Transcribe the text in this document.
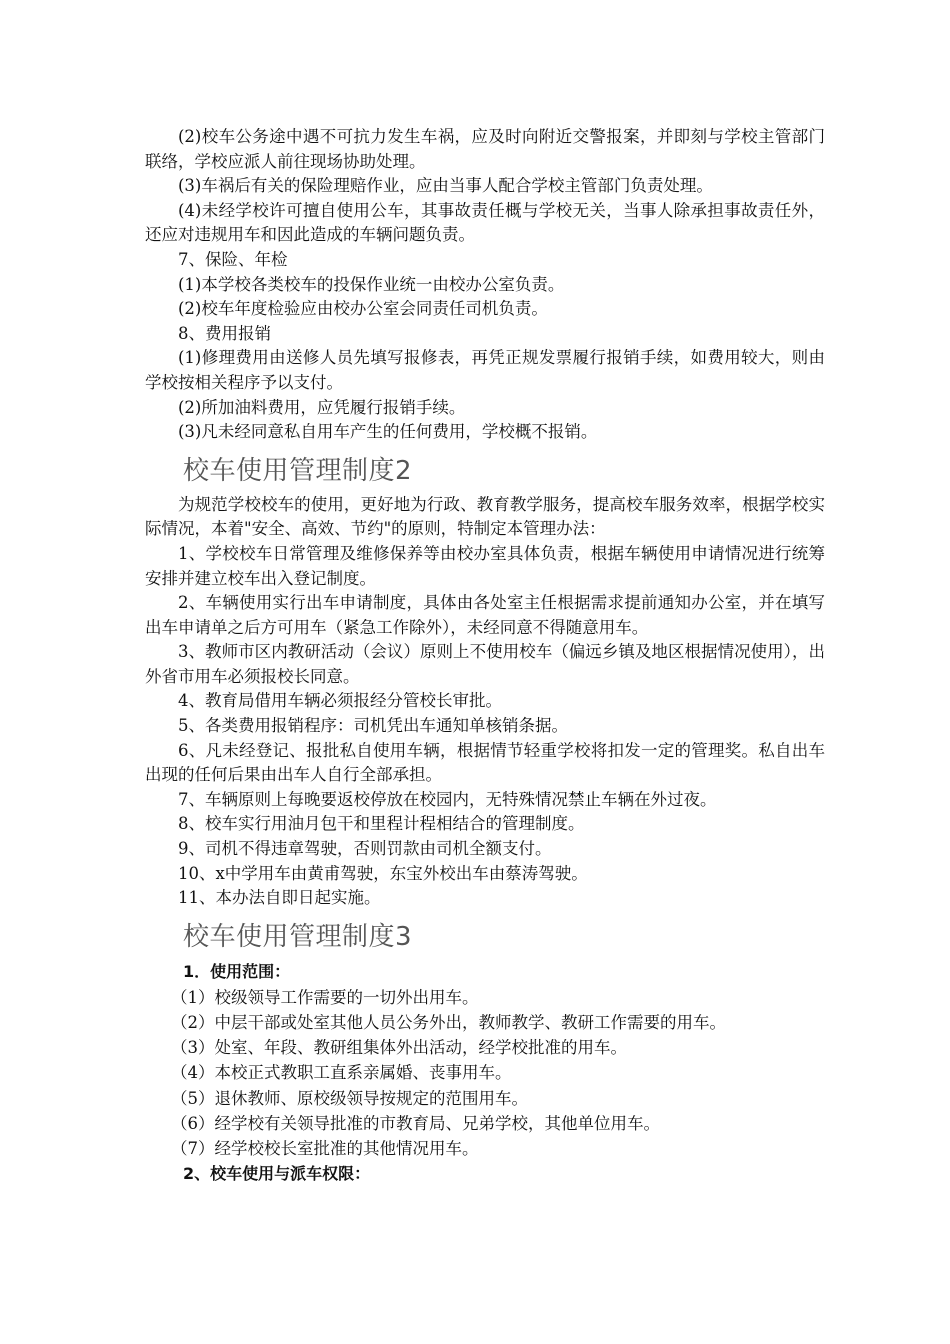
(2)校车公务途中遇不可抗力发生车祸，应及时向附近交警报案，并即刻与学校主管部门联络，学校应派人前往现场协助处理。

(3)车祸后有关的保险理赔作业，应由当事人配合学校主管部门负责处理。

(4)未经学校许可擅自使用公车，其事故责任概与学校无关，当事人除承担事故责任外，还应对违规用车和因此造成的车辆问题负责。

7、保险、年检

(1)本学校各类校车的投保作业统一由校办公室负责。

(2)校车年度检验应由校办公室会同责任司机负责。

8、费用报销

(1)修理费用由送修人员先填写报修表，再凭正规发票履行报销手续，如费用较大，则由学校按相关程序予以支付。

(2)所加油料费用，应凭履行报销手续。

(3)凡未经同意私自用车产生的任何费用，学校概不报销。

校车使用管理制度2

为规范学校校车的使用，更好地为行政、教育教学服务，提高校车服务效率，根据学校实际情况，本着"安全、高效、节约"的原则，特制定本管理办法：

1、学校校车日常管理及维修保养等由校办室具体负责，根据车辆使用申请情况进行统筹安排并建立校车出入登记制度。

2、车辆使用实行出车申请制度，具体由各处室主任根据需求提前通知办公室，并在填写出车申请单之后方可用车（紧急工作除外），未经同意不得随意用车。

3、教师市区内教研活动（会议）原则上不使用校车（偏远乡镇及地区根据情况使用），出外省市用车必须报校长同意。

4、教育局借用车辆必须报经分管校长审批。

5、各类费用报销程序：司机凭出车通知单核销条据。

6、凡未经登记、报批私自使用车辆，根据情节轻重学校将扣发一定的管理奖。私自出车出现的任何后果由出车人自行全部承担。

7、车辆原则上每晚要返校停放在校园内，无特殊情况禁止车辆在外过夜。

8、校车实行用油月包干和里程计程相结合的管理制度。

9、司机不得违章驾驶，否则罚款由司机全额支付。

10、x中学用车由黄甫驾驶，东宝外校出车由蔡涛驾驶。

11、本办法自即日起实施。

校车使用管理制度3
1．使用范围：
（1）校级领导工作需要的一切外出用车。
（2）中层干部或处室其他人员公务外出，教师教学、教研工作需要的用车。
（3）处室、年段、教研组集体外出活动，经学校批准的用车。
（4）本校正式教职工直系亲属婚、丧事用车。
（5）退休教师、原校级领导按规定的范围用车。
（6）经学校有关领导批准的市教育局、兄弟学校，其他单位用车。
（7）经学校校长室批准的其他情况用车。
2、校车使用与派车权限：
